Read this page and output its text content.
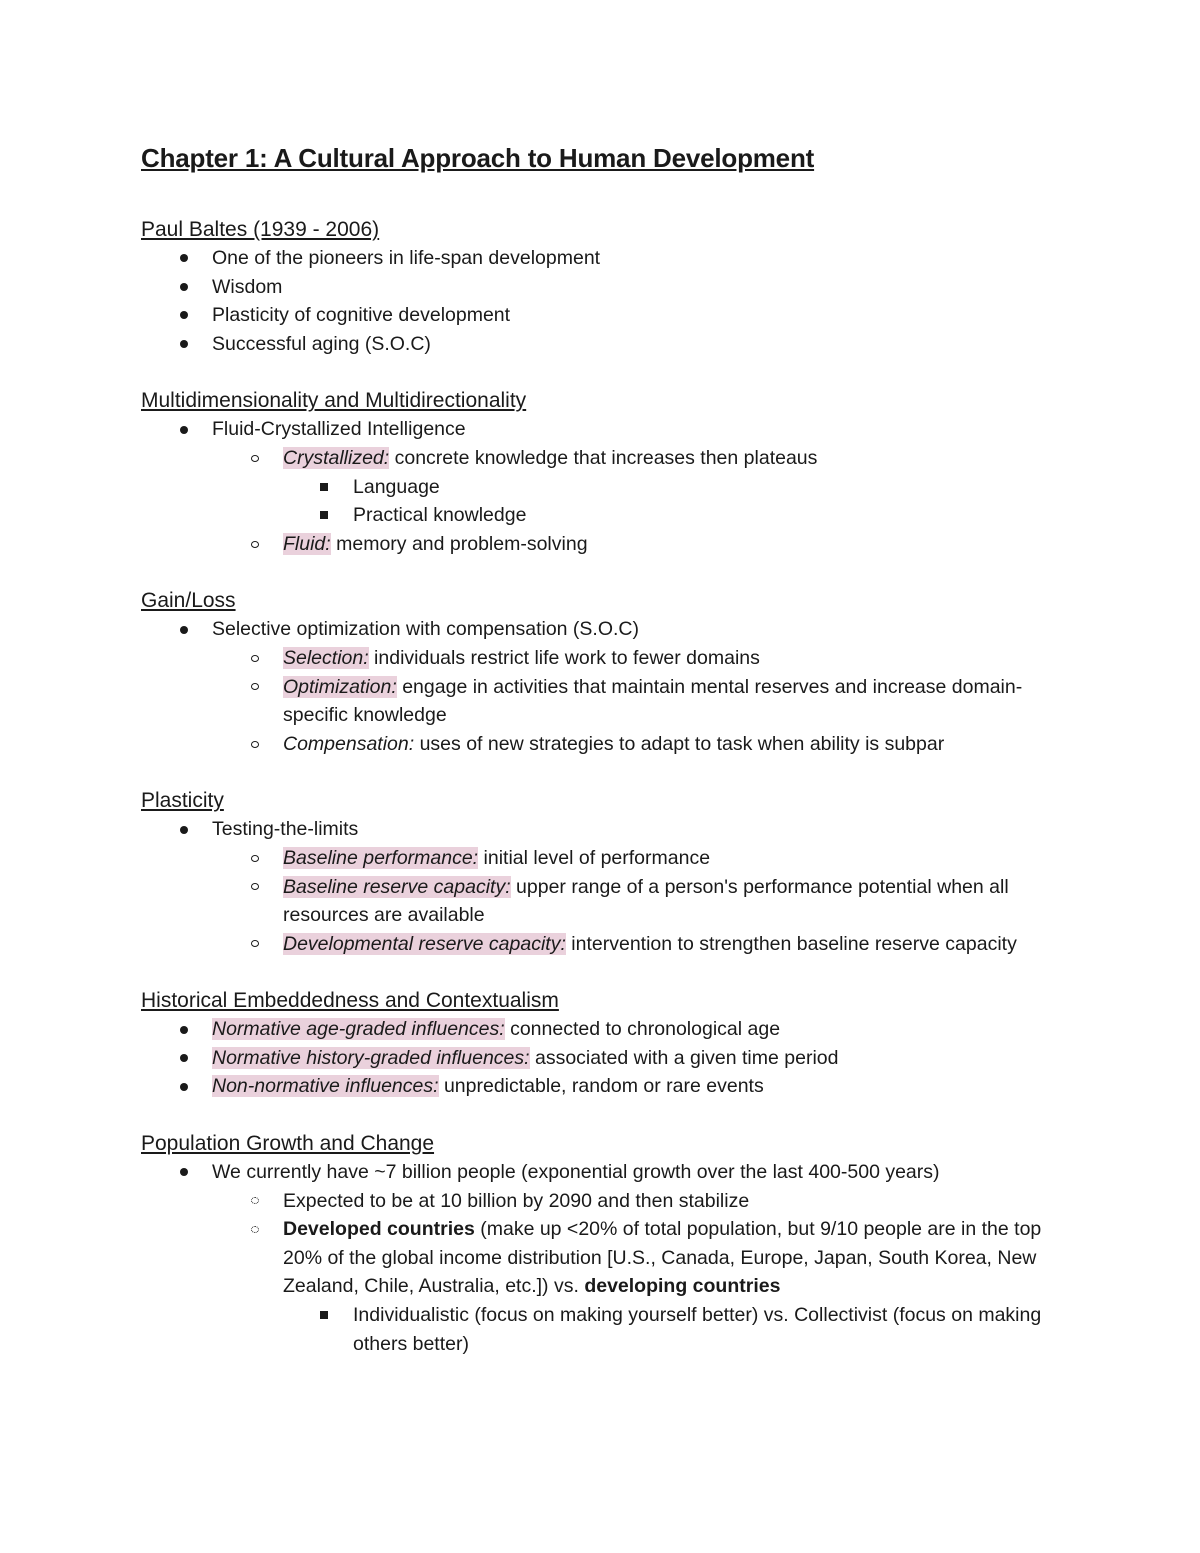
Chapter 1: A Cultural Approach to Human Development
Paul Baltes (1939 - 2006)
One of the pioneers in life-span development
Wisdom
Plasticity of cognitive development
Successful aging (S.O.C)
Multidimensionality and Multidirectionality
Fluid-Crystallized Intelligence
Crystallized: concrete knowledge that increases then plateaus
Language
Practical knowledge
Fluid: memory and problem-solving
Gain/Loss
Selective optimization with compensation (S.O.C)
Selection: individuals restrict life work to fewer domains
Optimization: engage in activities that maintain mental reserves and increase domain-specific knowledge
Compensation: uses of new strategies to adapt to task when ability is subpar
Plasticity
Testing-the-limits
Baseline performance: initial level of performance
Baseline reserve capacity: upper range of a person's performance potential when all resources are available
Developmental reserve capacity: intervention to strengthen baseline reserve capacity
Historical Embeddedness and Contextualism
Normative age-graded influences: connected to chronological age
Normative history-graded influences: associated with a given time period
Non-normative influences: unpredictable, random or rare events
Population Growth and Change
We currently have ~7 billion people (exponential growth over the last 400-500 years)
Expected to be at 10 billion by 2090 and then stabilize
Developed countries (make up <20% of total population, but 9/10 people are in the top 20% of the global income distribution [U.S., Canada, Europe, Japan, South Korea, New Zealand, Chile, Australia, etc.]) vs. developing countries
Individualistic (focus on making yourself better) vs. Collectivist (focus on making others better)
